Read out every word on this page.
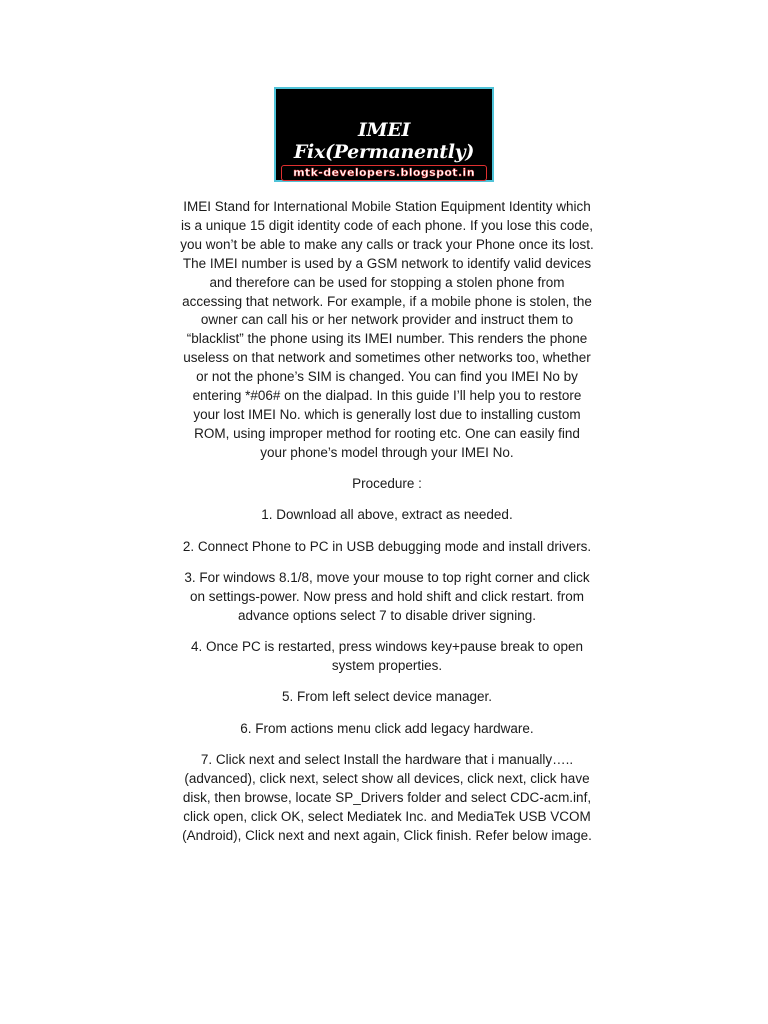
IMEI Fix(Permanently)
mtk-developers.blogspot.in

IMEI Stand for International Mobile Station Equipment Identity which is a unique 15 digit identity code of each phone. If you lose this code, you won’t be able to make any calls or track your Phone once its lost. The IMEI number is used by a GSM network to identify valid devices and therefore can be used for stopping a stolen phone from accessing that network. For example, if a mobile phone is stolen, the owner can call his or her network provider and instruct them to “blacklist” the phone using its IMEI number. This renders the phone useless on that network and sometimes other networks too, whether or not the phone’s SIM is changed. You can find you IMEI No by entering *#06# on the dialpad. In this guide I’ll help you to restore your lost IMEI No. which is generally lost due to installing custom ROM, using improper method for rooting etc. One can easily find your phone’s model through your IMEI No.

Procedure :

1. Download all above, extract as needed.

2. Connect Phone to PC in USB debugging mode and install drivers.

3. For windows 8.1/8, move your mouse to top right corner and click on settings-power. Now press and hold shift and click restart. from advance options select 7 to disable driver signing.

4. Once PC is restarted, press windows key+pause break to open system properties.

5. From left select device manager.

6. From actions menu click add legacy hardware.

7. Click next and select Install the hardware that i manually….. (advanced), click next, select show all devices, click next, click have disk, then browse, locate SP_Drivers folder and select CDC-acm.inf, click open, click OK, select Mediatek Inc. and MediaTek USB VCOM (Android), Click next and next again, Click finish. Refer below image.
